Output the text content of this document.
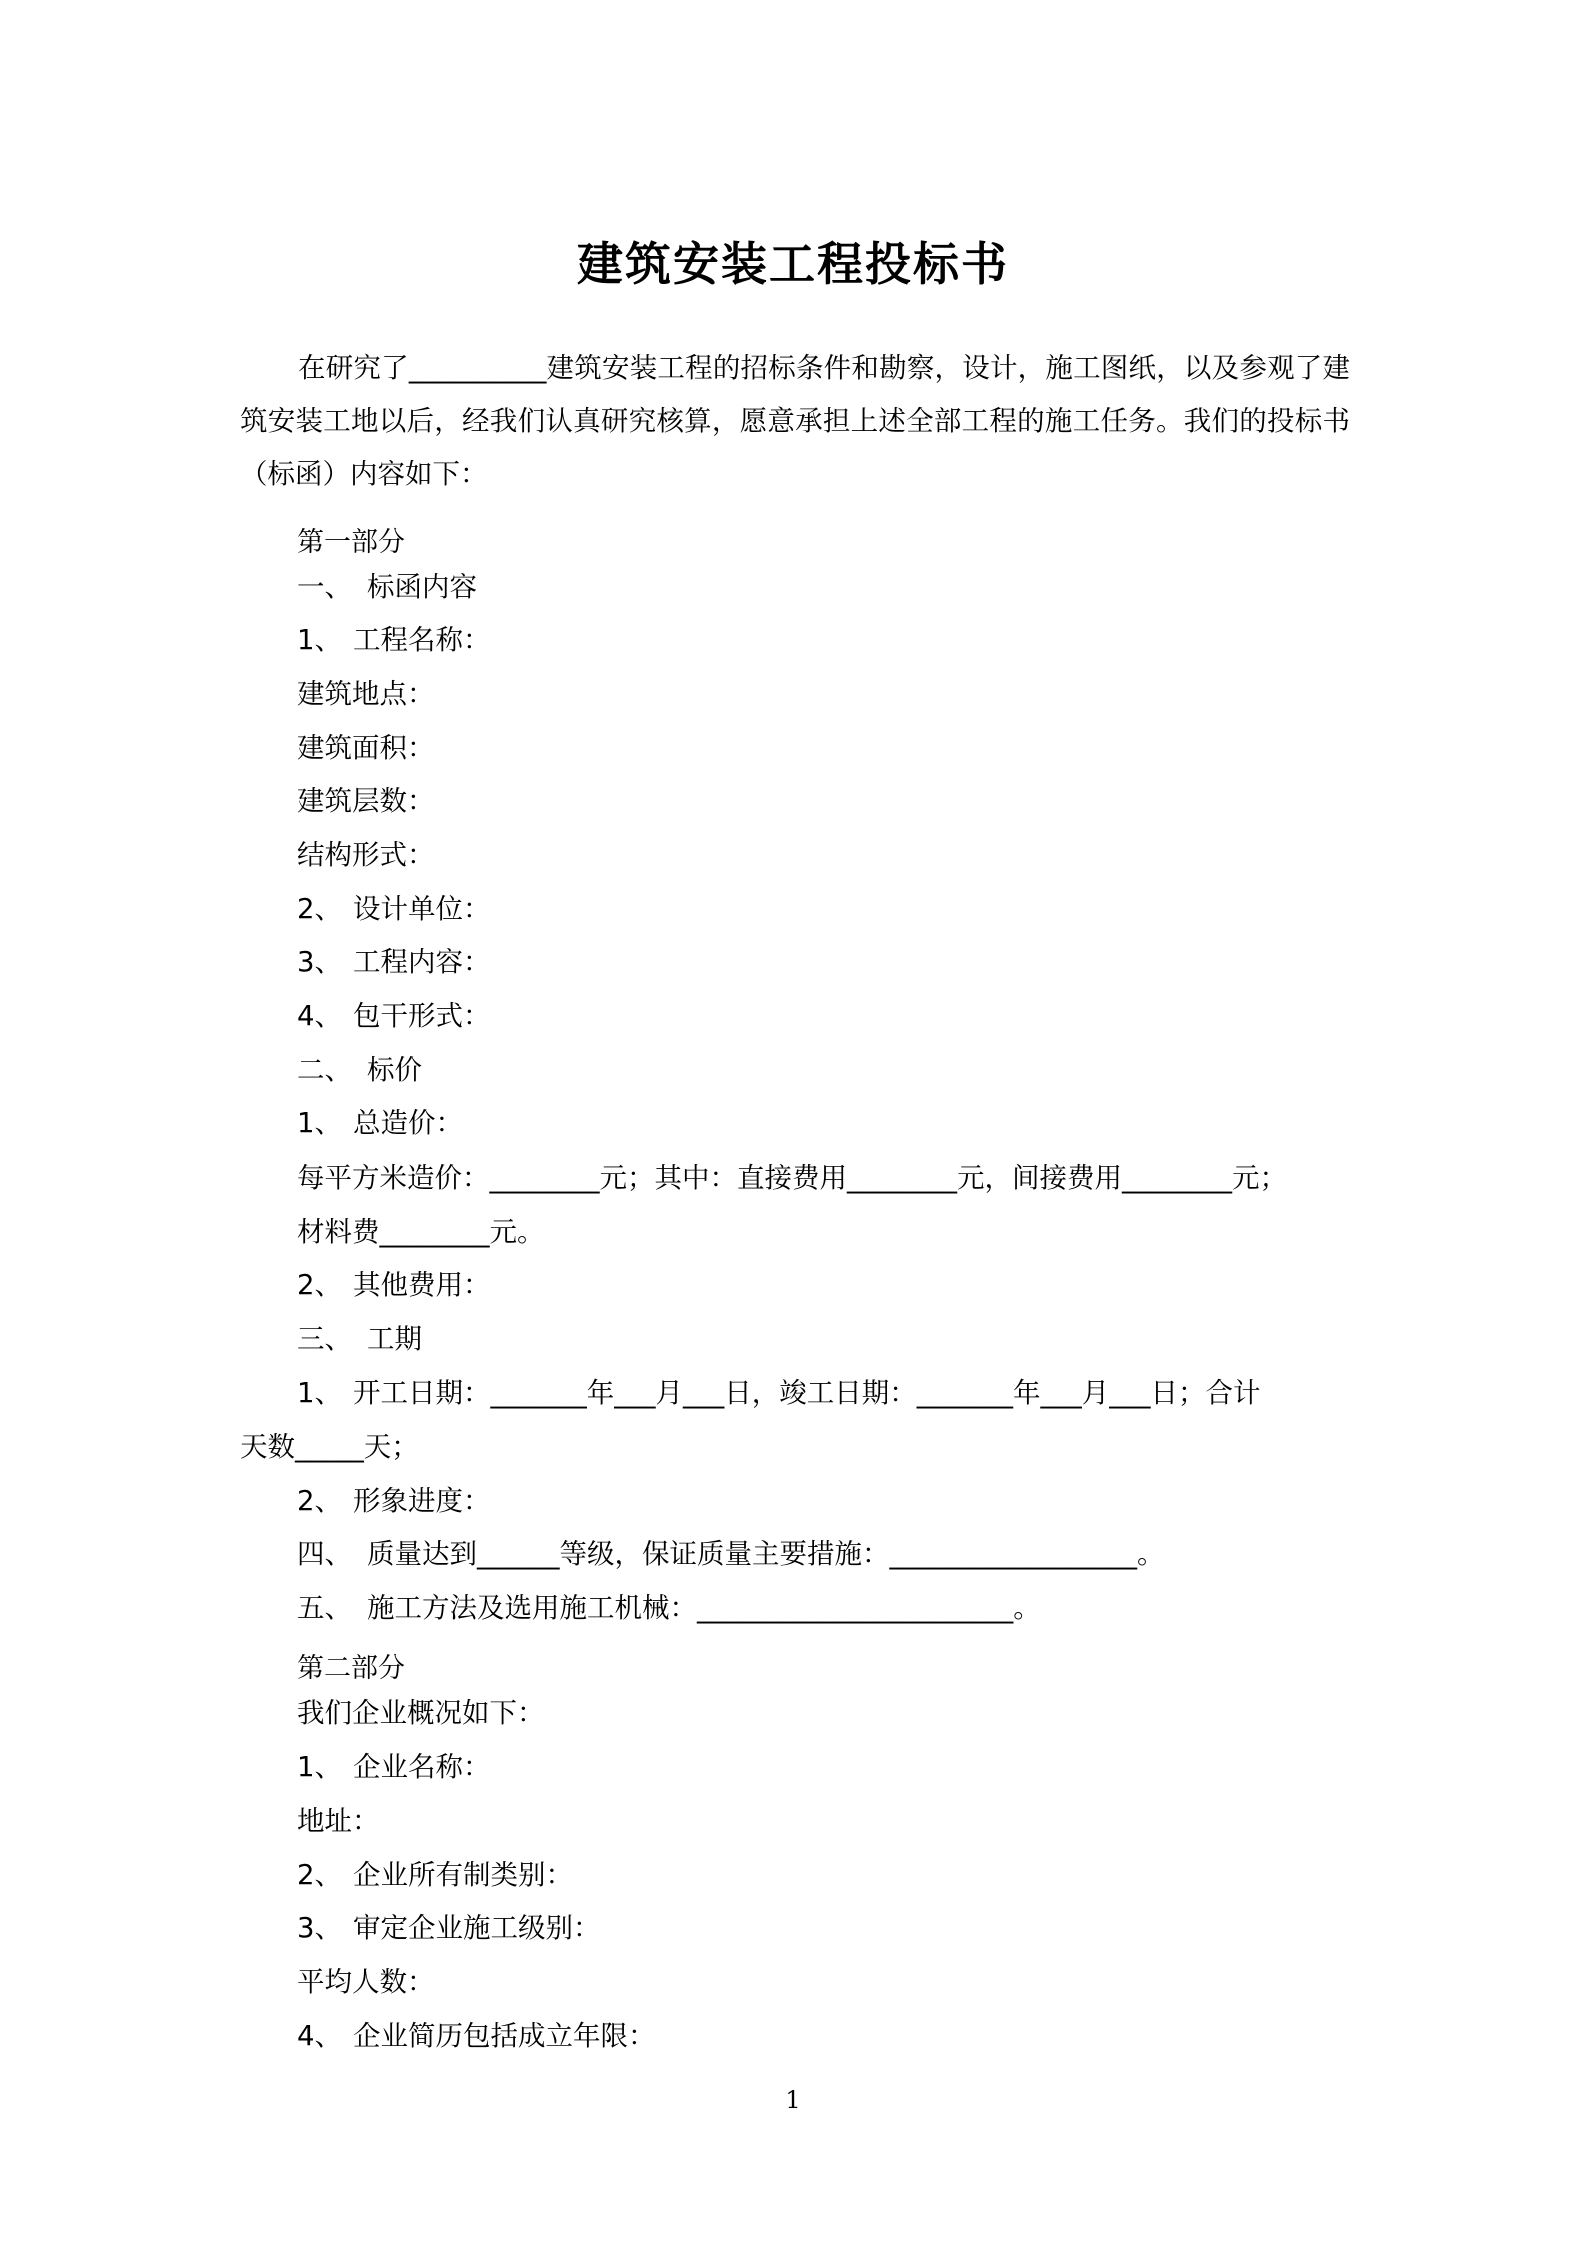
建筑安装工程投标书

在研究了__________建筑安装工程的招标条件和勘察，设计，施工图纸，以及参观了建筑安装工地以后，经我们认真研究核算，愿意承担上述全部工程的施工任务。我们的投标书（标函）内容如下：

第一部分
一、 标函内容
1、 工程名称：
建筑地点：
建筑面积：
建筑层数：
结构形式：
2、 设计单位：
3、 工程内容：
4、 包干形式：
二、 标价
1、 总造价：
每平方米造价：________元；其中：直接费用________元，间接费用________元；
材料费________元。
2、 其他费用：
三、 工期
1、 开工日期：_______年___月___日，竣工日期：_______年___月___日；合计
天数_____天；
2、 形象进度：
四、 质量达到______等级，保证质量主要措施：__________________。
五、 施工方法及选用施工机械：_______________________。
第二部分
我们企业概况如下：
1、 企业名称：
地址：
2、 企业所有制类别：
3、 审定企业施工级别：
平均人数：
4、 企业简历包括成立年限：
1
